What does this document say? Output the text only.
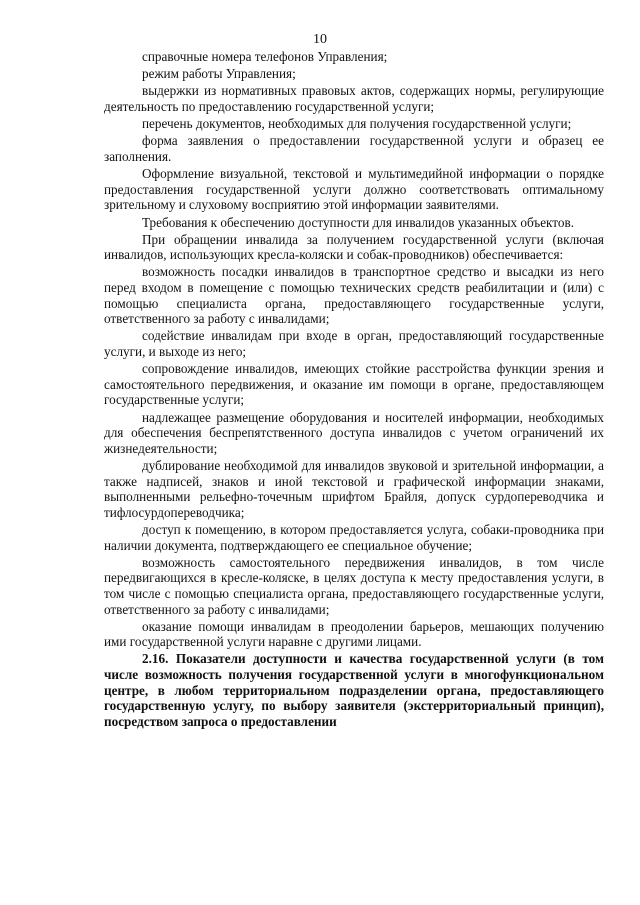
10

справочные номера телефонов Управления;

режим работы Управления;

выдержки из нормативных правовых актов, содержащих нормы, регулирующие деятельность по предоставлению государственной услуги;

перечень документов, необходимых для получения государственной услуги;

форма заявления о предоставлении государственной услуги и образец ее заполнения.

Оформление визуальной, текстовой и мультимедийной информации о порядке предоставления государственной услуги должно соответствовать оптимальному зрительному и слуховому восприятию этой информации заявителями.

Требования к обеспечению доступности для инвалидов указанных объектов.

При обращении инвалида за получением государственной услуги (включая инвалидов, использующих кресла-коляски и собак-проводников) обеспечивается:

возможность посадки инвалидов в транспортное средство и высадки из него перед входом в помещение с помощью технических средств реабилитации и (или) с помощью специалиста органа, предоставляющего государственные услуги, ответственного за работу с инвалидами;

содействие инвалидам при входе в орган, предоставляющий государственные услуги, и выходе из него;

сопровождение инвалидов, имеющих стойкие расстройства функции зрения и самостоятельного передвижения, и оказание им помощи в органе, предоставляющем государственные услуги;

надлежащее размещение оборудования и носителей информации, необходимых для обеспечения беспрепятственного доступа инвалидов с учетом ограничений их жизнедеятельности;

дублирование необходимой для инвалидов звуковой и зрительной информации, а также надписей, знаков и иной текстовой и графической информации знаками, выполненными рельефно-точечным шрифтом Брайля, допуск сурдопереводчика и тифлосурдопереводчика;

доступ к помещению, в котором предоставляется услуга, собаки-проводника при наличии документа, подтверждающего ее специальное обучение;

возможность самостоятельного передвижения инвалидов, в том числе передвигающихся в кресле-коляске, в целях доступа к месту предоставления услуги, в том числе с помощью специалиста органа, предоставляющего государственные услуги, ответственного за работу с инвалидами;

оказание помощи инвалидам в преодолении барьеров, мешающих получению ими государственной услуги наравне с другими лицами.

2.16. Показатели доступности и качества государственной услуги (в том числе возможность получения государственной услуги в многофункциональном центре, в любом территориальном подразделении органа, предоставляющего государственную услугу, по выбору заявителя (экстерриториальный принцип), посредством запроса о предоставлении
